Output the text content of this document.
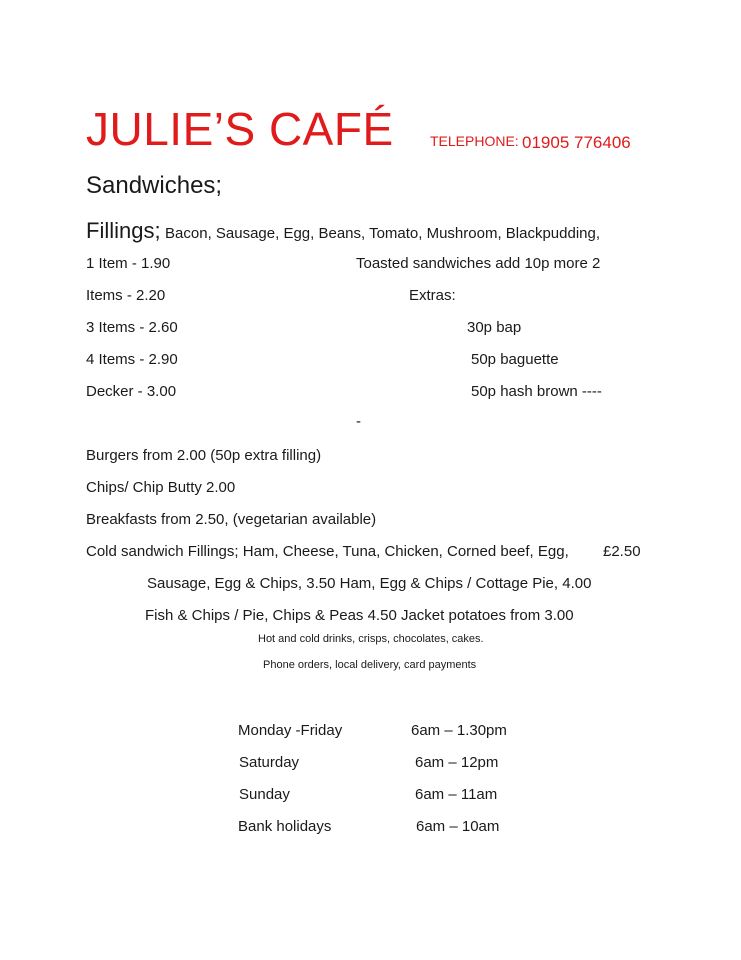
JULIE’S CAFÉ	TELEPHONE: 01905 776406
Sandwiches;
Fillings; Bacon, Sausage, Egg, Beans, Tomato, Mushroom, Blackpudding,
1 Item - 1.90
Items - 2.20
3 Items - 2.60
4 Items - 2.90
Decker - 3.00
Toasted sandwiches add 10p more 2
Extras:
30p bap
50p baguette
50p hash brown ----
-
Burgers from 2.00 (50p extra filling)
Chips/ Chip Butty 2.00
Breakfasts from 2.50, (vegetarian available)
Cold sandwich Fillings; Ham, Cheese, Tuna, Chicken, Corned beef, Egg, £2.50
Sausage, Egg & Chips, 3.50 Ham, Egg & Chips / Cottage Pie, 4.00
Fish & Chips / Pie, Chips & Peas 4.50 Jacket potatoes from 3.00
Hot and cold drinks, crisps, chocolates, cakes.
Phone orders, local delivery, card payments
Monday -Friday	6am – 1.30pm
Saturday	6am – 12pm
Sunday	6am – 11am
Bank holidays	6am – 10am
